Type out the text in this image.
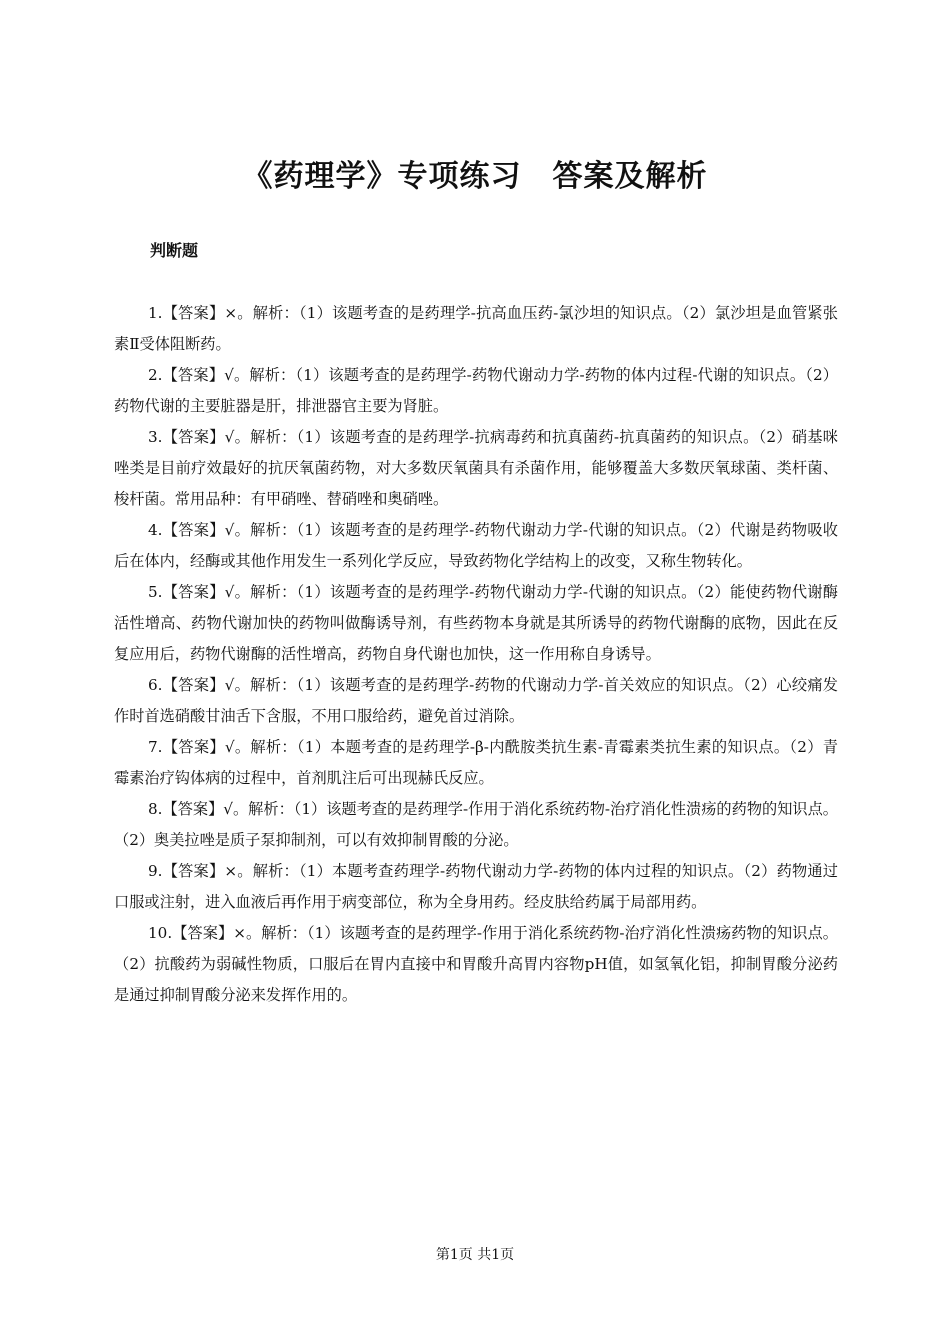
《药理学》专项练习　答案及解析
判断题

1.【答案】×。解析：（1）该题考查的是药理学-抗高血压药-氯沙坦的知识点。（2）氯沙坦是血管紧张素Ⅱ受体阻断药。

2.【答案】√。解析：（1）该题考查的是药理学-药物代谢动力学-药物的体内过程-代谢的知识点。（2）药物代谢的主要脏器是肝，排泄器官主要为肾脏。

3.【答案】√。解析：（1）该题考查的是药理学-抗病毒药和抗真菌药-抗真菌药的知识点。（2）硝基咪唑类是目前疗效最好的抗厌氧菌药物，对大多数厌氧菌具有杀菌作用，能够覆盖大多数厌氧球菌、类杆菌、梭杆菌。常用品种：有甲硝唑、替硝唑和奥硝唑。

4.【答案】√。解析：（1）该题考查的是药理学-药物代谢动力学-代谢的知识点。（2）代谢是药物吸收后在体内，经酶或其他作用发生一系列化学反应，导致药物化学结构上的改变，又称生物转化。

5.【答案】√。解析：（1）该题考查的是药理学-药物代谢动力学-代谢的知识点。（2）能使药物代谢酶活性增高、药物代谢加快的药物叫做酶诱导剂，有些药物本身就是其所诱导的药物代谢酶的底物，因此在反复应用后，药物代谢酶的活性增高，药物自身代谢也加快，这一作用称自身诱导。

6.【答案】√。解析：（1）该题考查的是药理学-药物的代谢动力学-首关效应的知识点。（2）心绞痛发作时首选硝酸甘油舌下含服，不用口服给药，避免首过消除。

7.【答案】√。解析：（1）本题考查的是药理学-β-内酰胺类抗生素-青霉素类抗生素的知识点。（2）青霉素治疗钩体病的过程中，首剂肌注后可出现赫氏反应。

8.【答案】√。解析：（1）该题考查的是药理学-作用于消化系统药物-治疗消化性溃疡的药物的知识点。（2）奥美拉唑是质子泵抑制剂，可以有效抑制胃酸的分泌。

9.【答案】×。解析：（1）本题考查药理学-药物代谢动力学-药物的体内过程的知识点。（2）药物通过口服或注射，进入血液后再作用于病变部位，称为全身用药。经皮肤给药属于局部用药。

10.【答案】×。解析：（1）该题考查的是药理学-作用于消化系统药物-治疗消化性溃疡药物的知识点。（2）抗酸药为弱碱性物质，口服后在胃内直接中和胃酸升高胃内容物pH值，如氢氧化铝，抑制胃酸分泌药是通过抑制胃酸分泌来发挥作用的。

第1页 共1页
